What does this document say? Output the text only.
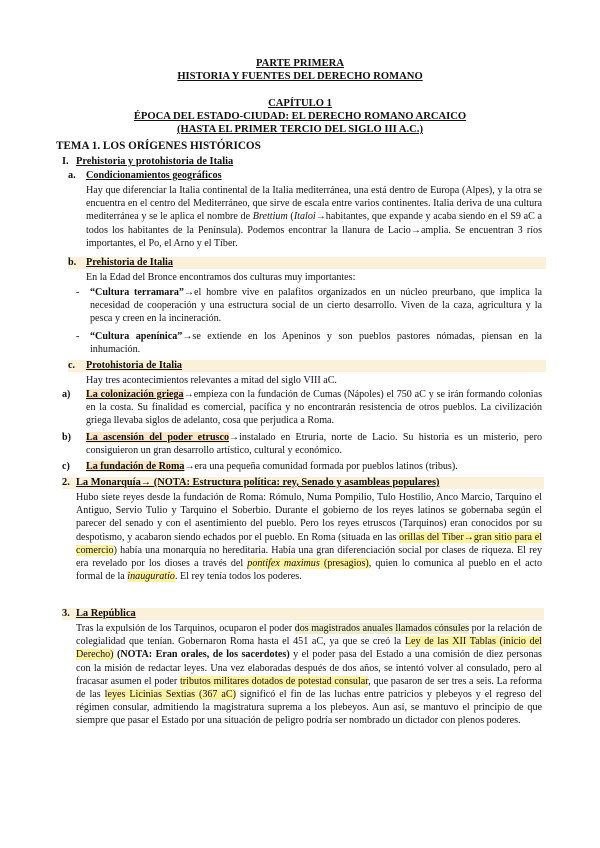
PARTE PRIMERA
HISTORIA Y FUENTES DEL DERECHO ROMANO
CAPÍTULO 1
ÉPOCA DEL ESTADO-CIUDAD: EL DERECHO ROMANO ARCAICO
(HASTA EL PRIMER TERCIO DEL SIGLO III A.C.)
TEMA 1. LOS ORÍGENES HISTÓRICOS
I. Prehistoria y protohistoria de Italia
a. Condicionamientos geográficos
Hay que diferenciar la Italia continental de la Italia mediterránea, una está dentro de Europa (Alpes), y la otra se encuentra en el centro del Mediterráneo, que sirve de escala entre varios continentes. Italia deriva de una cultura mediterránea y se le aplica el nombre de Brettium (Italoi→habitantes, que expande y acaba siendo en el S9 aC a todos los habitantes de la Península). Podemos encontrar la llanura de Lacio→amplia. Se encuentran 3 ríos importantes, el Po, el Arno y el Tíber.
b. Prehistoria de Italia
En la Edad del Bronce encontramos dos culturas muy importantes:
- “Cultura terramara”→el hombre vive en palafitos organizados en un núcleo preurbano, que implica la necesidad de cooperación y una estructura social de un cierto desarrollo. Viven de la caza, agricultura y la pesca y creen en la incineración.
- “Cultura apenínica”→se extiende en los Apeninos y son pueblos pastores nómadas, piensan en la inhumación.
c. Protohistoria de Italia
Hay tres acontecimientos relevantes a mitad del siglo VIII aC.
a) La colonización griega→empieza con la fundación de Cumas (Nápoles) el 750 aC y se irán formando colonias en la costa. Su finalidad es comercial, pacífica y no encontrarán resistencia de otros pueblos. La civilización griega llevaba siglos de adelanto, cosa que perjudica a Roma.
b) La ascensión del poder etrusco→instalado en Etruria, norte de Lacio. Su historia es un misterio, pero consiguieron un gran desarrollo artístico, cultural y económico.
c) La fundación de Roma→era una pequeña comunidad formada por pueblos latinos (tribus).
2. La Monarquía→ (NOTA: Estructura política: rey, Senado y asambleas populares)
Hubo siete reyes desde la fundación de Roma: Rómulo, Numa Pompilio, Tulo Hostilio, Anco Marcio, Tarquino el Antiguo, Servio Tulio y Tarquino el Soberbio. Durante el gobierno de los reyes latinos se gobernaba según el parecer del senado y con el asentimiento del pueblo. Pero los reyes etruscos (Tarquinos) eran conocidos por su despotismo, y acabaron siendo echados por el pueblo. En Roma (situada en las orillas del Tíber→gran sitio para el comercio) había una monarquía no hereditaria. Había una gran diferenciación social por clases de riqueza. El rey era revelado por los dioses a través del pontifex maximus (presagios), quien lo comunica al pueblo en el acto formal de la inauguratio. El rey tenía todos los poderes.
3. La República
Tras la expulsión de los Tarquinos, ocuparon el poder dos magistrados anuales llamados cónsules por la relación de colegialidad que tenían. Gobernaron Roma hasta el 451 aC, ya que se creó la Ley de las XII Tablas (inicio del Derecho) (NOTA: Eran orales, de los sacerdotes) y el poder pasa del Estado a una comisión de diez personas con la misión de redactar leyes. Una vez elaboradas después de dos años, se intentó volver al consulado, pero al fracasar asumen el poder tributos militares dotados de potestad consular, que pasaron de ser tres a seis. La reforma de las leyes Licinias Sextias (367 aC) significó el fin de las luchas entre patricios y plebeyos y el regreso del régimen consular, admitiendo la magistratura suprema a los plebeyos. Aun así, se mantuvo el principio de que siempre que pasar el Estado por una situación de peligro podría ser nombrado un dictador con plenos poderes.
